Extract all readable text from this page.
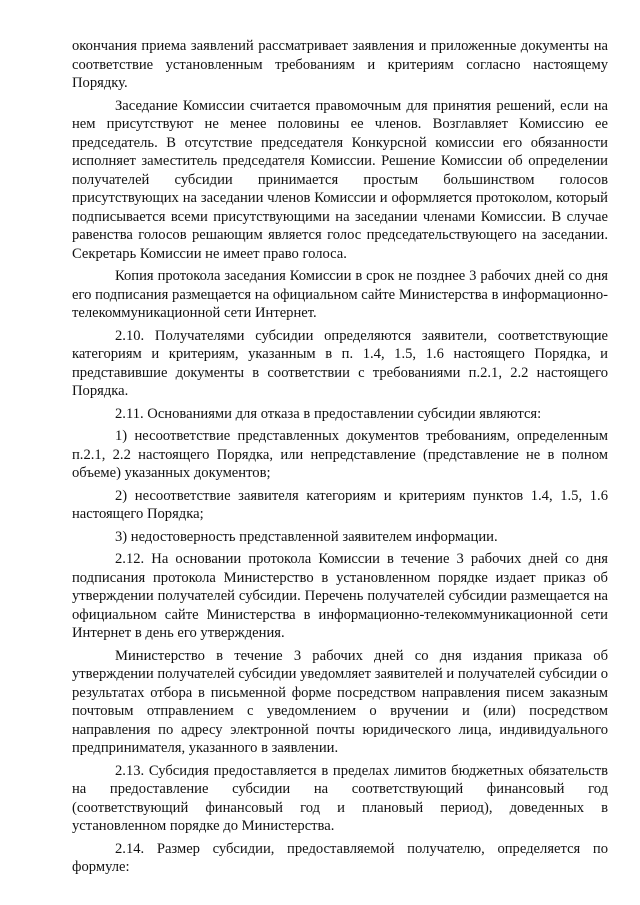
окончания приема заявлений рассматривает заявления и приложенные документы на соответствие установленным требованиям и критериям согласно настоящему Порядку.

Заседание Комиссии считается правомочным для принятия решений, если на нем присутствуют не менее половины ее членов. Возглавляет Комиссию ее председатель. В отсутствие председателя Конкурсной комиссии его обязанности исполняет заместитель председателя Комиссии. Решение Комиссии об определении получателей субсидии принимается простым большинством голосов присутствующих на заседании членов Комиссии и оформляется протоколом, который подписывается всеми присутствующими на заседании членами Комиссии. В случае равенства голосов решающим является голос председательствующего на заседании. Секретарь Комиссии не имеет право голоса.

Копия протокола заседания Комиссии в срок не позднее 3 рабочих дней со дня его подписания размещается на официальном сайте Министерства в информационно-телекоммуникационной сети Интернет.

2.10. Получателями субсидии определяются заявители, соответствующие категориям и критериям, указанным в п. 1.4, 1.5, 1.6 настоящего Порядка, и представившие документы в соответствии с требованиями п.2.1, 2.2 настоящего Порядка.

2.11. Основаниями для отказа в предоставлении субсидии являются:

1) несоответствие представленных документов требованиям, определенным п.2.1, 2.2 настоящего Порядка, или непредставление (представление не в полном объеме) указанных документов;

2) несоответствие заявителя категориям и критериям пунктов 1.4, 1.5, 1.6 настоящего Порядка;

3) недостоверность представленной заявителем информации.

2.12. На основании протокола Комиссии в течение 3 рабочих дней со дня подписания протокола Министерство в установленном порядке издает приказ об утверждении получателей субсидии. Перечень получателей субсидии размещается на официальном сайте Министерства в информационно-телекоммуникационной сети Интернет в день его утверждения.

Министерство в течение 3 рабочих дней со дня издания приказа об утверждении получателей субсидии уведомляет заявителей и получателей субсидии о результатах отбора в письменной форме посредством направления писем заказным почтовым отправлением с уведомлением о вручении и (или) посредством направления по адресу электронной почты юридического лица, индивидуального предпринимателя, указанного в заявлении.

2.13. Субсидия предоставляется в пределах лимитов бюджетных обязательств на предоставление субсидии на соответствующий финансовый год (соответствующий финансовый год и плановый период), доведенных в установленном порядке до Министерства.

2.14. Размер субсидии, предоставляемой получателю, определяется по формуле:
